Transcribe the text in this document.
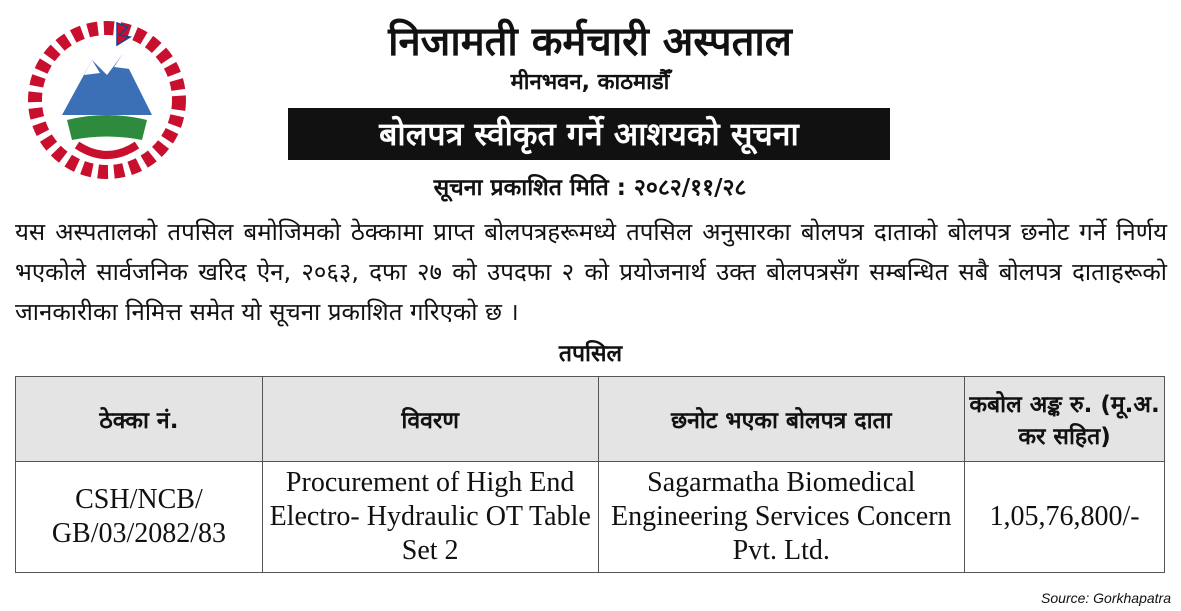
निजामती कर्मचारी अस्पताल
मीनभवन, काठमाडौँ
बोलपत्र स्वीकृत गर्ने आशयको सूचना
सूचना प्रकाशित मिति : २०८२/११/२८
यस अस्पतालको तपसिल बमोजिमको ठेक्कामा प्राप्त बोलपत्रहरूमध्ये तपसिल अनुसारका बोलपत्र दाताको बोलपत्र छनोट गर्ने निर्णय भएकोले सार्वजनिक खरिद ऐन, २०६३, दफा २७ को उपदफा २ को प्रयोजनार्थ उक्त बोलपत्रसँग सम्बन्धित सबै बोलपत्र दाताहरूको जानकारीका निमित्त समेत यो सूचना प्रकाशित गरिएको छ ।
तपसिल
ठेक्का नं.	विवरण	छनोट भएका बोलपत्र दाता	कबोल अङ्क रु. (मू.अ. कर सहित)
CSH/NCB/ GB/03/2082/83	Procurement of High End Electro- Hydraulic OT Table Set 2	Sagarmatha Biomedical Engineering Services Concern Pvt. Ltd.	1,05,76,800/-
Source: Gorkhapatra
